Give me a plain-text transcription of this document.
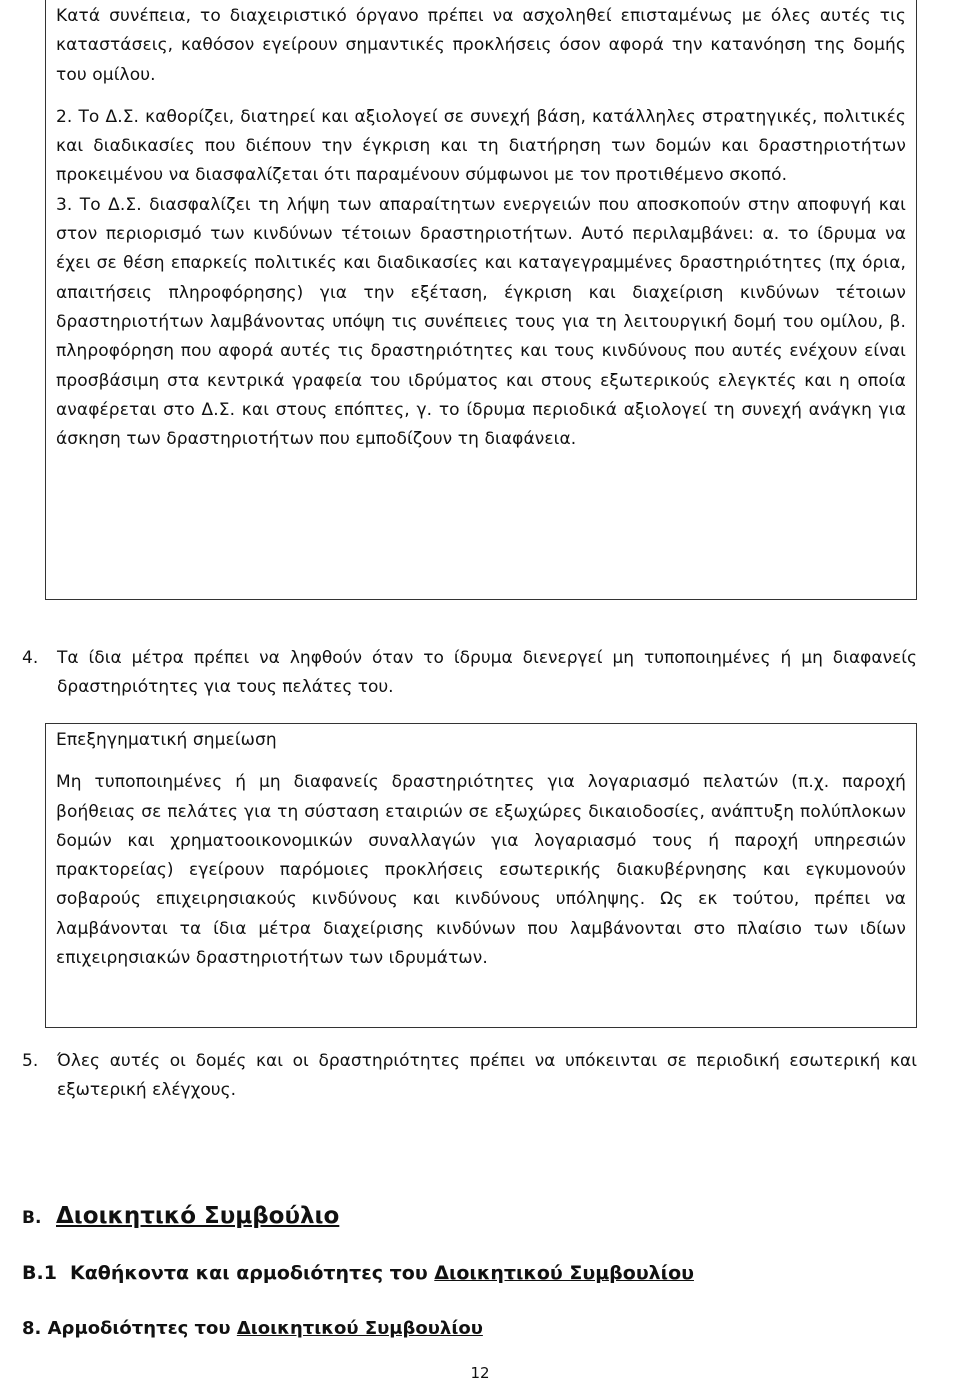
Κατά συνέπεια, το διαχειριστικό όργανο πρέπει να ασχοληθεί επισταμένως με όλες αυτές τις καταστάσεις, καθόσον εγείρουν σημαντικές προκλήσεις όσον αφορά την κατανόηση της δομής του ομίλου.

2. Το Δ.Σ. καθορίζει, διατηρεί και αξιολογεί σε συνεχή βάση, κατάλληλες στρατηγικές, πολιτικές και διαδικασίες που διέπουν την έγκριση και τη διατήρηση των δομών και δραστηριοτήτων προκειμένου να διασφαλίζεται ότι παραμένουν σύμφωνοι με τον προτιθέμενο σκοπό.

3. Το Δ.Σ. διασφαλίζει τη λήψη των απαραίτητων ενεργειών που αποσκοπούν στην αποφυγή και στον περιορισμό των κινδύνων τέτοιων δραστηριοτήτων. Αυτό περιλαμβάνει: α. το ίδρυμα να έχει σε θέση επαρκείς πολιτικές και διαδικασίες και καταγεγραμμένες δραστηριότητες (πχ όρια, απαιτήσεις πληροφόρησης) για την εξέταση, έγκριση και διαχείριση κινδύνων τέτοιων δραστηριοτήτων λαμβάνοντας υπόψη τις συνέπειες τους για τη λειτουργική δομή του ομίλου, β. πληροφόρηση που αφορά αυτές τις δραστηριότητες και τους κινδύνους που αυτές ενέχουν είναι προσβάσιμη στα κεντρικά γραφεία του ιδρύματος και στους εξωτερικούς ελεγκτές και η οποία αναφέρεται στο Δ.Σ. και στους επόπτες, γ. το ίδρυμα περιοδικά αξιολογεί τη συνεχή ανάγκη για άσκηση των δραστηριοτήτων που εμποδίζουν τη διαφάνεια.

4. Τα ίδια μέτρα πρέπει να ληφθούν όταν το ίδρυμα διενεργεί μη τυποποιημένες ή μη διαφανείς δραστηριότητες για τους πελάτες του.

Επεξηγηματική σημείωση

Μη τυποποιημένες ή μη διαφανείς δραστηριότητες για λογαριασμό πελατών (π.χ. παροχή βοήθειας σε πελάτες για τη σύσταση εταιριών σε εξωχώρες δικαιοδοσίες, ανάπτυξη πολύπλοκων δομών και χρηματοοικονομικών συναλλαγών για λογαριασμό τους ή παροχή υπηρεσιών πρακτορείας) εγείρουν παρόμοιες προκλήσεις εσωτερικής διακυβέρνησης και εγκυμονούν σοβαρούς επιχειρησιακούς κινδύνους και κινδύνους υπόληψης. Ως εκ τούτου, πρέπει να λαμβάνονται τα ίδια μέτρα διαχείρισης κινδύνων που λαμβάνονται στο πλαίσιο των ιδίων επιχειρησιακών δραστηριοτήτων των ιδρυμάτων.

5. Όλες αυτές οι δομές και οι δραστηριότητες πρέπει να υπόκεινται σε περιοδική εσωτερική και εξωτερική ελέγχους.
B. Διοικητικό Συμβούλιο
B.1 Καθήκοντα και αρμοδιότητες του Διοικητικού Συμβουλίου
8. Αρμοδιότητες του Διοικητικού Συμβουλίου
12
